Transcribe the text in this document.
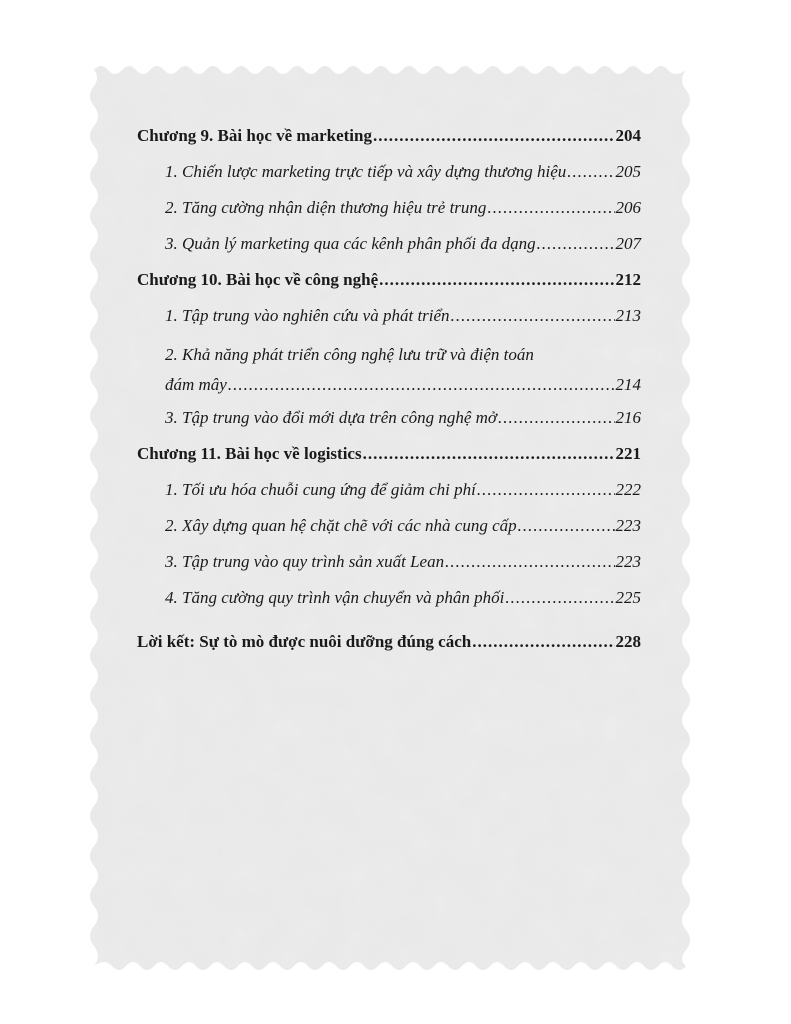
Chương 9. Bài học về marketing .....	204
1. Chiến lược marketing trực tiếp và xây dựng thương hiệu .....	205
2. Tăng cường nhận diện thương hiệu trẻ trung .....	206
3. Quản lý marketing qua các kênh phân phối đa dạng .....	207
Chương 10. Bài học về công nghệ .....	212
1. Tập trung vào nghiên cứu và phát triển .....	213
2. Khả năng phát triển công nghệ lưu trữ và điện toán
đám mây .....	214
3. Tập trung vào đổi mới dựa trên công nghệ mở .....	216
Chương 11. Bài học về logistics .....	221
1. Tối ưu hóa chuỗi cung ứng để giảm chi phí .....	222
2. Xây dựng quan hệ chặt chẽ với các nhà cung cấp .....	223
3. Tập trung vào quy trình sản xuất Lean .....	223
4. Tăng cường quy trình vận chuyển và phân phối .....	225
Lời kết: Sự tò mò được nuôi dưỡng đúng cách .....	228
